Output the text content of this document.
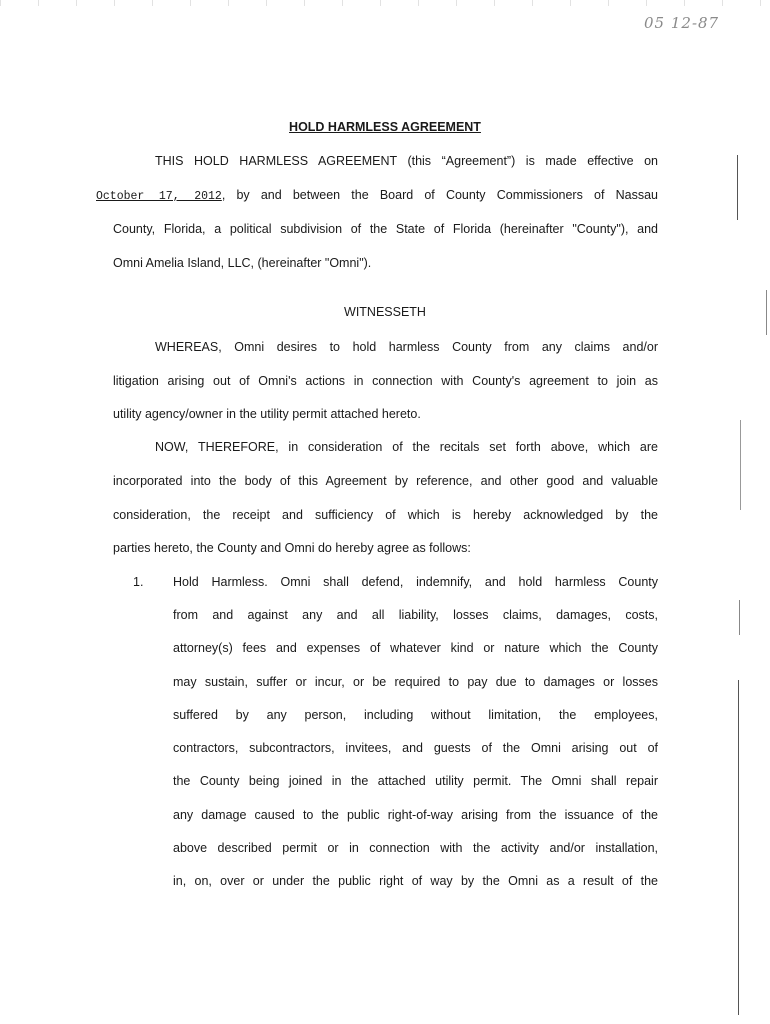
05 12-87
HOLD HARMLESS AGREEMENT
THIS HOLD HARMLESS AGREEMENT (this “Agreement”) is made effective on
October 17, 2012, by and between the Board of County Commissioners of Nassau
County, Florida, a political subdivision of the State of Florida (hereinafter "County"), and
Omni Amelia Island, LLC, (hereinafter "Omni").
WITNESSETH
WHEREAS, Omni desires to hold harmless County from any claims and/or
litigation arising out of Omni's actions in connection with County's agreement to join as
utility agency/owner in the utility permit attached hereto.
NOW, THEREFORE, in consideration of the recitals set forth above, which are
incorporated into the body of this Agreement by reference, and other good and valuable
consideration, the receipt and sufficiency of which is hereby acknowledged by the
parties hereto, the County and Omni do hereby agree as follows:
1. Hold Harmless. Omni shall defend, indemnify, and hold harmless County
from and against any and all liability, losses claims, damages, costs,
attorney(s) fees and expenses of whatever kind or nature which the County
may sustain, suffer or incur, or be required to pay due to damages or losses
suffered by any person, including without limitation, the employees,
contractors, subcontractors, invitees, and guests of the Omni arising out of
the County being joined in the attached utility permit. The Omni shall repair
any damage caused to the public right-of-way arising from the issuance of the
above described permit or in connection with the activity and/or installation,
in, on, over or under the public right of way by the Omni as a result of the
